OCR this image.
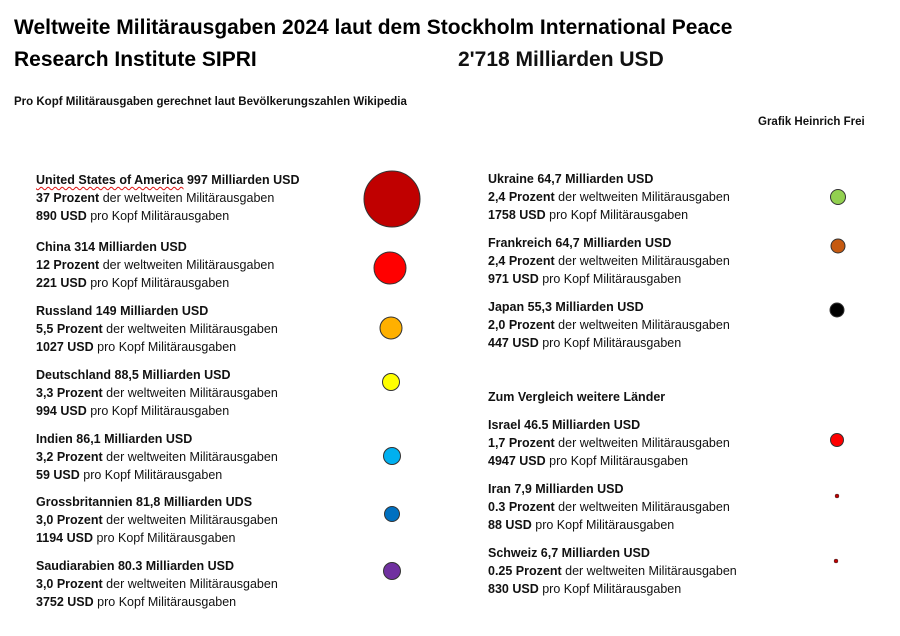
Weltweite Militärausgaben 2024 laut dem Stockholm International Peace
Research Institute SIPRI	2'718 Milliarden USD
Pro Kopf Militärausgaben gerechnet laut Bevölkerungszahlen Wikipedia
Grafik Heinrich Frei
Zum Vergleich weitere Länder
United States of America 997 Milliarden USD
37 Prozent der weltweiten Militärausgaben
890 USD pro Kopf Militärausgaben
China 314 Milliarden USD
12 Prozent der weltweiten Militärausgaben
221 USD pro Kopf Militärausgaben
Russland 149 Milliarden USD
5,5 Prozent der weltweiten Militärausgaben
1027 USD pro Kopf Militärausgaben
Deutschland 88,5 Milliarden USD
3,3 Prozent der weltweiten Militärausgaben
994 USD pro Kopf Militärausgaben
Indien 86,1 Milliarden USD
3,2 Prozent der weltweiten Militärausgaben
59 USD pro Kopf Militärausgaben
Grossbritannien 81,8 Milliarden UDS
3,0 Prozent der weltweiten Militärausgaben
1194 USD pro Kopf Militärausgaben
Saudiarabien 80.3 Milliarden USD
3,0 Prozent der weltweiten Militärausgaben
3752 USD pro Kopf Militärausgaben
Ukraine 64,7 Milliarden USD
2,4 Prozent der weltweiten Militärausgaben
1758 USD pro Kopf Militärausgaben
Frankreich 64,7 Milliarden USD
2,4 Prozent der weltweiten Militärausgaben
971 USD pro Kopf Militärausgaben
Japan 55,3 Milliarden USD
2,0 Prozent der weltweiten Militärausgaben
447 USD pro Kopf Militärausgaben
Israel 46.5 Milliarden USD
1,7 Prozent der weltweiten Militärausgaben
4947 USD pro Kopf Militärausgaben
Iran 7,9 Milliarden USD
0.3 Prozent der weltweiten Militärausgaben
88 USD pro Kopf Militärausgaben
Schweiz 6,7 Milliarden USD
0.25 Prozent der weltweiten Militärausgaben
830 USD pro Kopf Militärausgaben
